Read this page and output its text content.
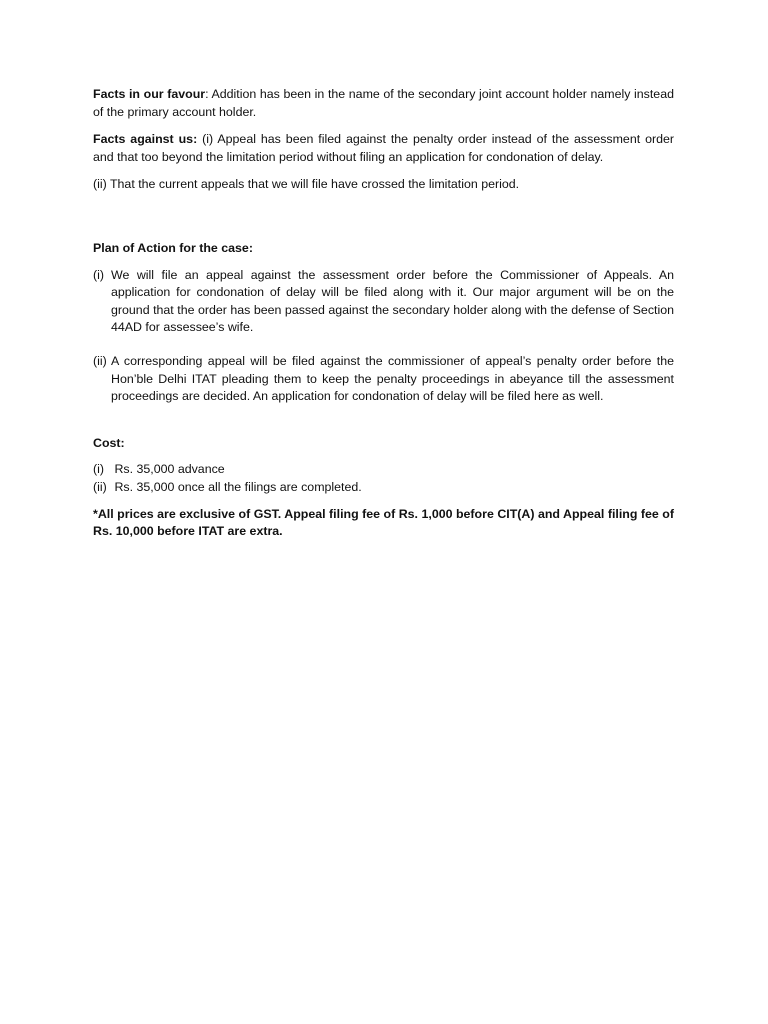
Facts in our favour: Addition has been in the name of the secondary joint account holder namely instead of the primary account holder.

Facts against us: (i) Appeal has been filed against the penalty order instead of the assessment order and that too beyond the limitation period without filing an application for condonation of delay.

(ii) That the current appeals that we will file have crossed the limitation period.

Plan of Action for the case:

(i) We will file an appeal against the assessment order before the Commissioner of Appeals. An application for condonation of delay will be filed along with it. Our major argument will be on the ground that the order has been passed against the secondary holder along with the defense of Section 44AD for assessee’s wife.
(ii) A corresponding appeal will be filed against the commissioner of appeal’s penalty order before the Hon’ble Delhi ITAT pleading them to keep the penalty proceedings in abeyance till the assessment proceedings are decided. An application for condonation of delay will be filed here as well.

Cost:

(i) Rs. 35,000 advance

(ii) Rs. 35,000 once all the filings are completed.

*All prices are exclusive of GST. Appeal filing fee of Rs. 1,000 before CIT(A) and Appeal filing fee of Rs. 10,000 before ITAT are extra.
